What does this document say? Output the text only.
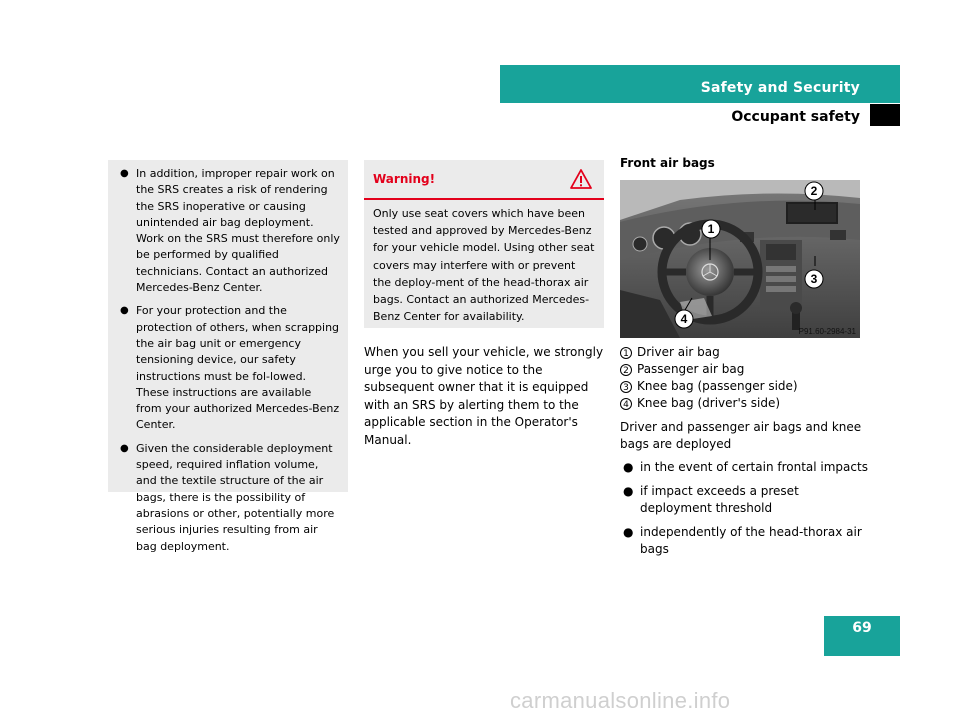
Safety and Security
Occupant safety
● In addition, improper repair work on the SRS creates a risk of rendering the SRS inoperative or causing unintended air bag deployment. Work on the SRS must therefore only be performed by qualified technicians. Contact an authorized Mercedes-Benz Center.
● For your protection and the protection of others, when scrapping the air bag unit or emergency tensioning device, our safety instructions must be fol-lowed. These instructions are available from your authorized Mercedes-Benz Center.
● Given the considerable deployment speed, required inflation volume, and the textile structure of the air bags, there is the possibility of abrasions or other, potentially more serious injuries resulting from air bag deployment.
Warning!
Only use seat covers which have been tested and approved by Mercedes-Benz for your vehicle model. Using other seat covers may interfere with or prevent the deploy-ment of the head-thorax air bags. Contact an authorized Mercedes-Benz Center for availability.
When you sell your vehicle, we strongly urge you to give notice to the subsequent owner that it is equipped with an SRS by alerting them to the applicable section in the Operator's Manual.
Front air bags
1
2
3
4
P91.60-2984-31
1 Driver air bag
2 Passenger air bag
3 Knee bag (passenger side)
4 Knee bag (driver's side)
Driver and passenger air bags and knee bags are deployed
● in the event of certain frontal impacts
● if impact exceeds a preset deployment threshold
● independently of the head-thorax air bags
69
carmanualsonline.info
